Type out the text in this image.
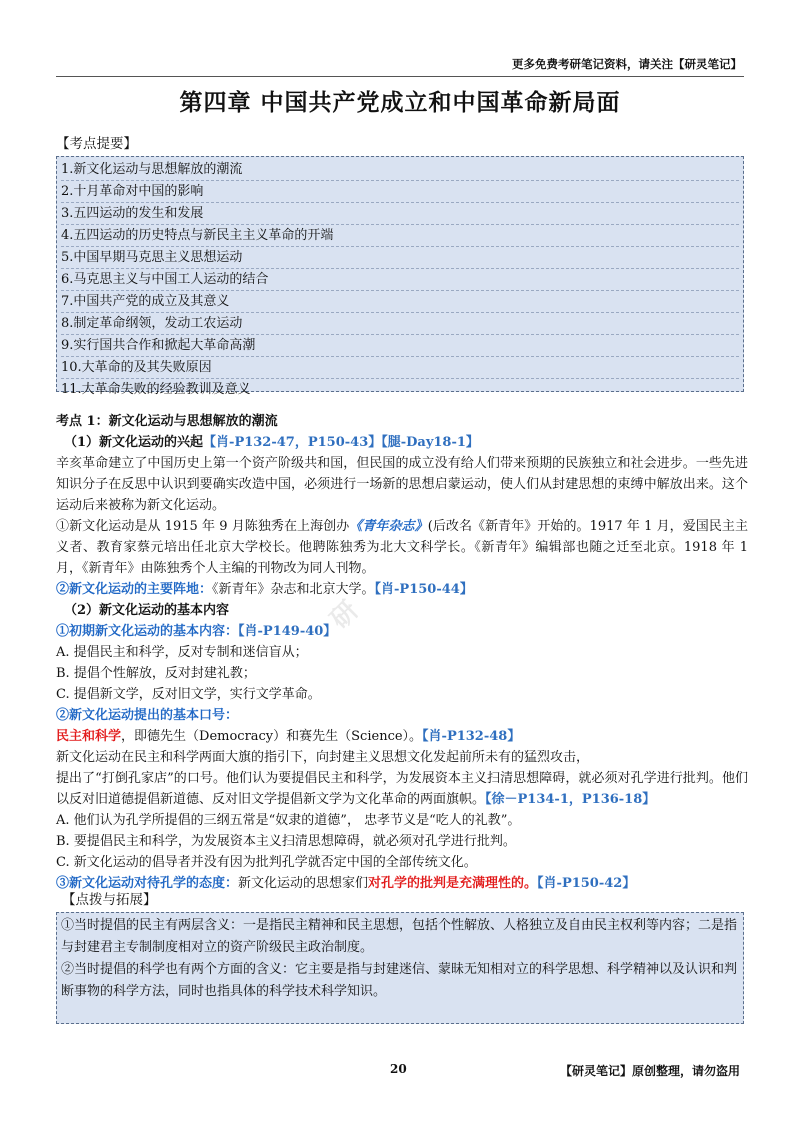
更多免费考研笔记资料，请关注【研灵笔记】
第四章 中国共产党成立和中国革命新局面
【考点提要】
1.新文化运动与思想解放的潮流
2.十月革命对中国的影响
3.五四运动的发生和发展
4.五四运动的历史特点与新民主主义革命的开端
5.中国早期马克思主义思想运动
6.马克思主义与中国工人运动的结合
7.中国共产党的成立及其意义
8.制定革命纲领，发动工农运动
9.实行国共合作和掀起大革命高潮
10.大革命的及其失败原因
11.大革命失败的经验教训及意义
研
考点 1：新文化运动与思想解放的潮流
（1）新文化运动的兴起【肖-P132-47，P150-43】【腿-Day18-1】
辛亥革命建立了中国历史上第一个资产阶级共和国，但民国的成立没有给人们带来预期的民族独立和社会进步。一些先进知识分子在反思中认识到要确实改造中国，必须进行一场新的思想启蒙运动，使人们从封建思想的束缚中解放出来。这个运动后来被称为新文化运动。
①新文化运动是从 1915 年 9 月陈独秀在上海创办《青年杂志》(后改名《新青年》开始的。1917 年 1 月，爱国民主主义者、教育家蔡元培出任北京大学校长。他聘陈独秀为北大文科学长。《新青年》编辑部也随之迁至北京。1918 年 1 月，《新青年》由陈独秀个人主编的刊物改为同人刊物。
②新文化运动的主要阵地：《新青年》杂志和北京大学。【肖-P150-44】
（2）新文化运动的基本内容
①初期新文化运动的基本内容：【肖-P149-40】
A. 提倡民主和科学，反对专制和迷信盲从；
B. 提倡个性解放，反对封建礼教；
C. 提倡新文学，反对旧文学，实行文学革命。
②新文化运动提出的基本口号：
民主和科学，即德先生（Democracy）和赛先生（Science）。【肖-P132-48】
新文化运动在民主和科学两面大旗的指引下，向封建主义思想文化发起前所未有的猛烈攻击，
提出了“打倒孔家店”的口号。他们认为要提倡民主和科学，为发展资本主义扫清思想障碍，就必须对孔学进行批判。他们以反对旧道德提倡新道德、反对旧文学提倡新文学为文化革命的两面旗帜。【徐－P134-1，P136-18】
A. 他们认为孔学所提倡的三纲五常是“奴隶的道德”， 忠孝节义是“吃人的礼教”。
B. 要提倡民主和科学，为发展资本主义扫清思想障碍，就必须对孔学进行批判。
C. 新文化运动的倡导者并没有因为批判孔学就否定中国的全部传统文化。
③新文化运动对待孔学的态度：新文化运动的思想家们对孔学的批判是充满理性的。【肖-P150-42】
【点拨与拓展】
①当时提倡的民主有两层含义：一是指民主精神和民主思想，包括个性解放、人格独立及自由民主权利等内容；二是指与封建君主专制制度相对立的资产阶级民主政治制度。
②当时提倡的科学也有两个方面的含义：它主要是指与封建迷信、蒙昧无知相对立的科学思想、科学精神以及认识和判断事物的科学方法，同时也指具体的科学技术科学知识。
20	【研灵笔记】原创整理，请勿盗用
